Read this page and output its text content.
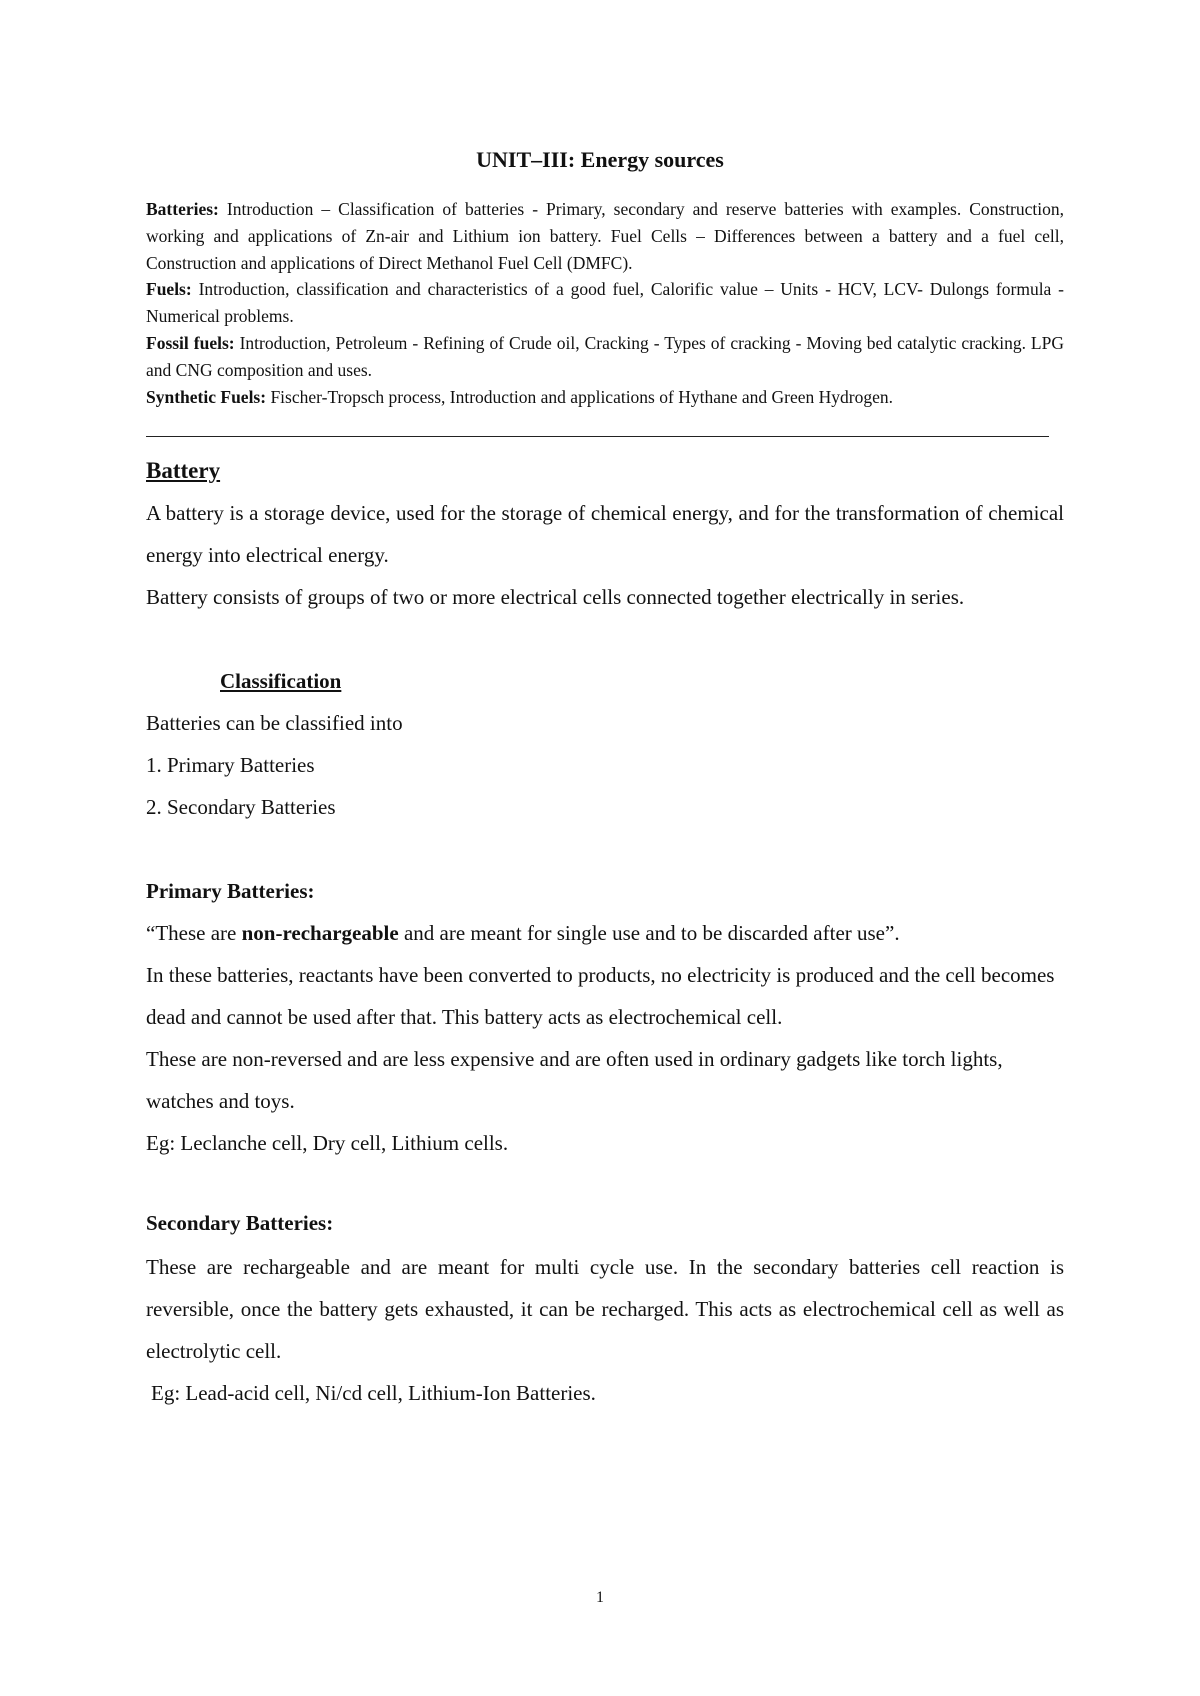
UNIT–III: Energy sources

Batteries: Introduction – Classification of batteries - Primary, secondary and reserve batteries with examples. Construction, working and applications of Zn-air and Lithium ion battery. Fuel Cells – Differences between a battery and a fuel cell, Construction and applications of Direct Methanol Fuel Cell (DMFC).

Fuels: Introduction, classification and characteristics of a good fuel, Calorific value – Units - HCV, LCV- Dulongs formula - Numerical problems.

Fossil fuels: Introduction, Petroleum - Refining of Crude oil, Cracking - Types of cracking - Moving bed catalytic cracking. LPG and CNG composition and uses.

Synthetic Fuels: Fischer-Tropsch process, Introduction and applications of Hythane and Green Hydrogen.

Battery

A battery is a storage device, used for the storage of chemical energy, and for the transformation of chemical energy into electrical energy.

Battery consists of groups of two or more electrical cells connected together electrically in series.

Classification

Batteries can be classified into

1. Primary Batteries

2. Secondary Batteries

Primary Batteries:

“These are non-rechargeable and are meant for single use and to be discarded after use”.

In these batteries, reactants have been converted to products, no electricity is produced and the cell becomes dead and cannot be used after that. This battery acts as electrochemical cell.

These are non-reversed and are less expensive and are often used in ordinary gadgets like torch lights, watches and toys.

Eg: Leclanche cell, Dry cell, Lithium cells.

Secondary Batteries:

These are rechargeable and are meant for multi cycle use. In the secondary batteries cell reaction is reversible, once the battery gets exhausted, it can be recharged. This acts as electrochemical cell as well as electrolytic cell.

Eg: Lead-acid cell, Ni/cd cell, Lithium-Ion Batteries.

1
